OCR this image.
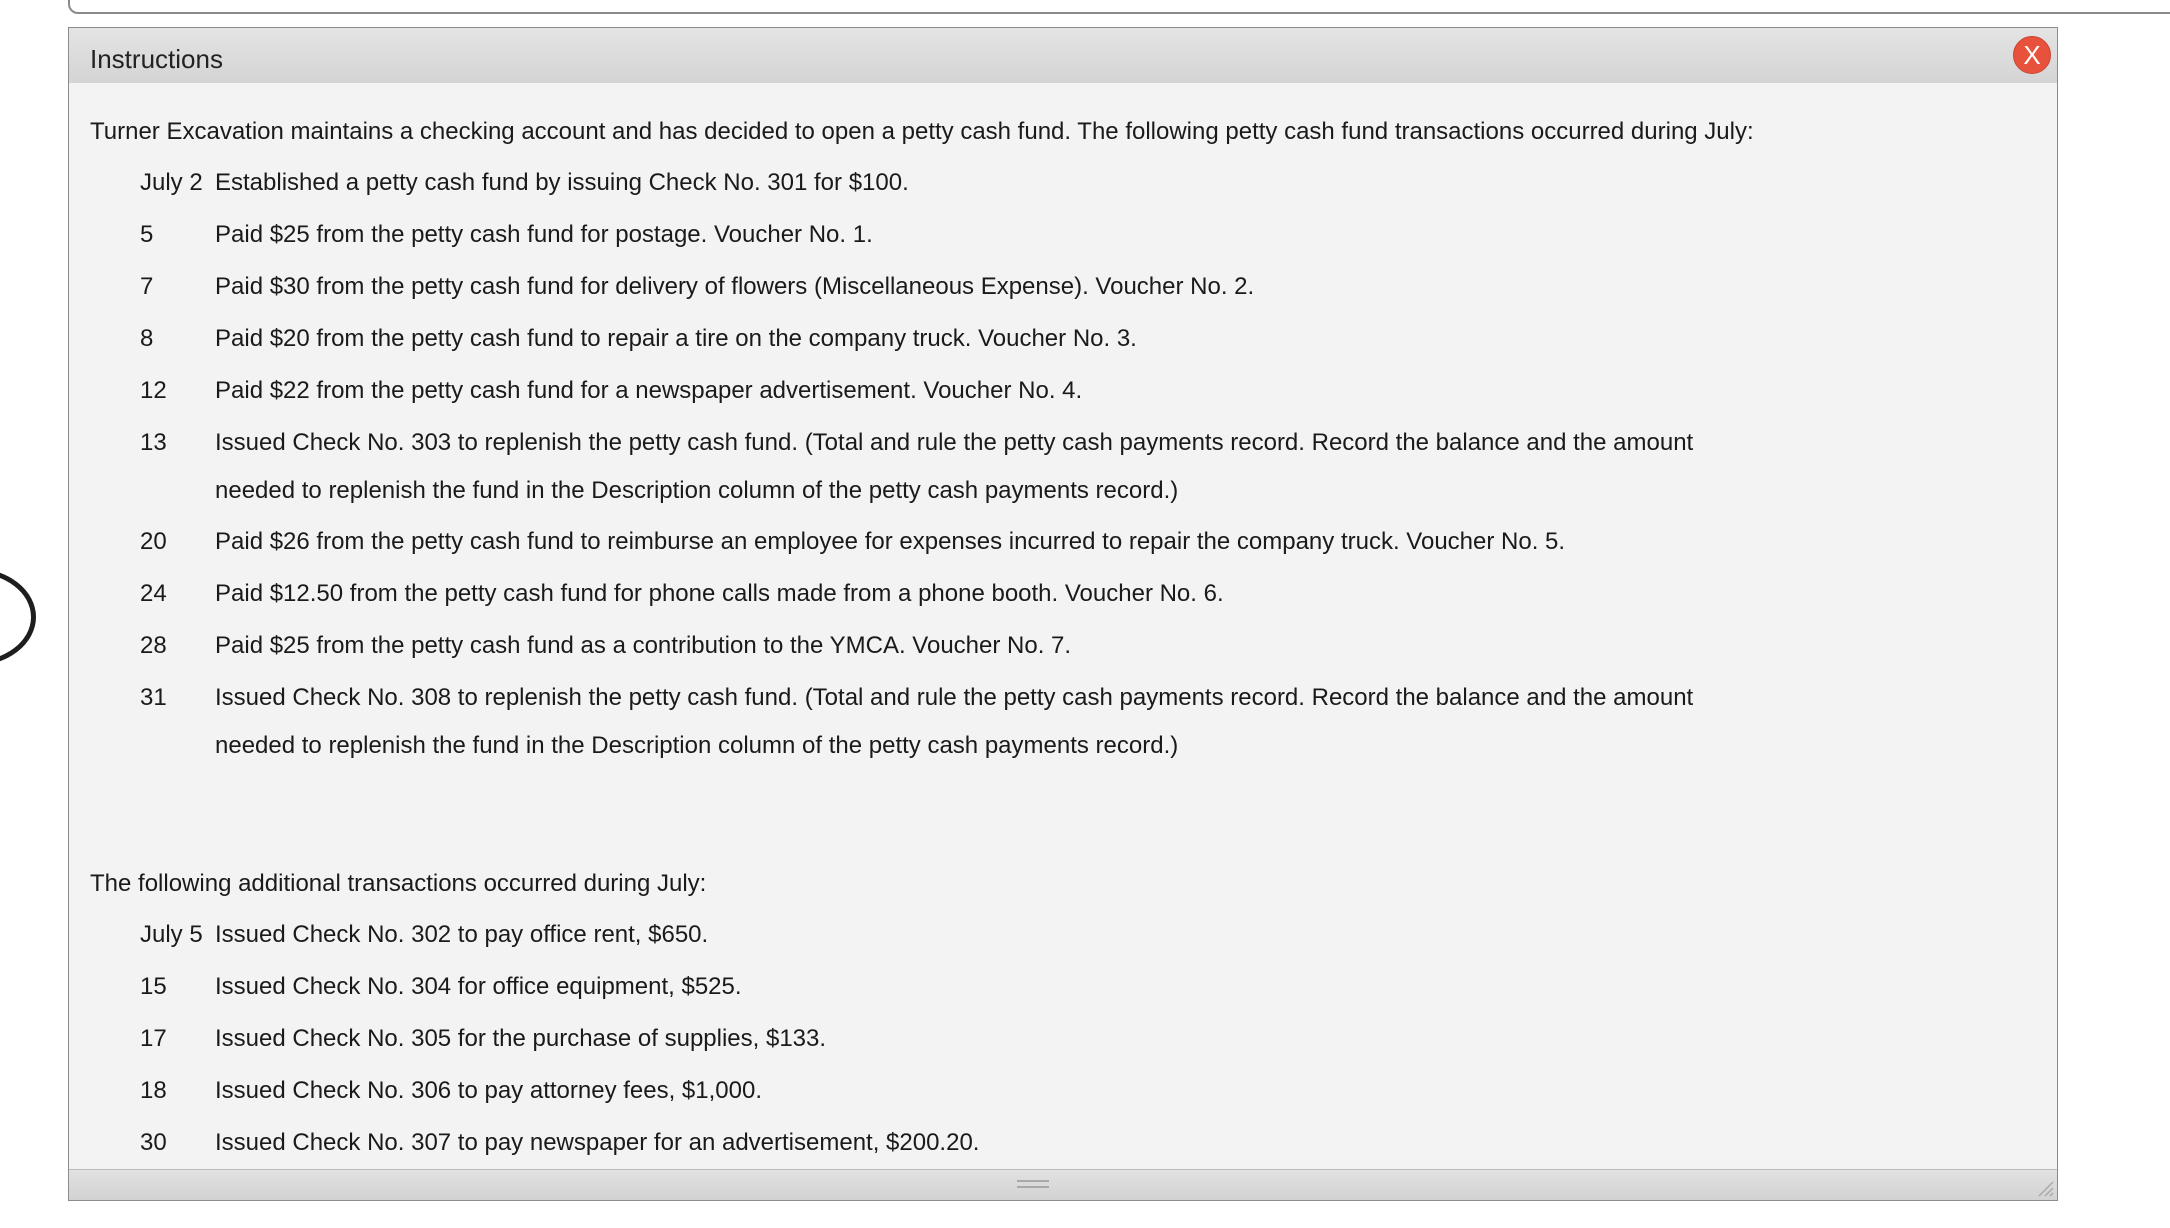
Instructions	X
Turner Excavation maintains a checking account and has decided to open a petty cash fund. The following petty cash fund transactions occurred during July:
July 2 Established a petty cash fund by issuing Check No. 301 for $100.
5	Paid $25 from the petty cash fund for postage. Voucher No. 1.
7	Paid $30 from the petty cash fund for delivery of flowers (Miscellaneous Expense). Voucher No. 2.
8	Paid $20 from the petty cash fund to repair a tire on the company truck. Voucher No. 3.
12 Paid $22 from the petty cash fund for a newspaper advertisement. Voucher No. 4.
13 Issued Check No. 303 to replenish the petty cash fund. (Total and rule the petty cash payments record. Record the balance and the amount needed to replenish the fund in the Description column of the petty cash payments record.)
20 Paid $26 from the petty cash fund to reimburse an employee for expenses incurred to repair the company truck. Voucher No. 5.
24 Paid $12.50 from the petty cash fund for phone calls made from a phone booth. Voucher No. 6.
28 Paid $25 from the petty cash fund as a contribution to the YMCA. Voucher No. 7.
31 Issued Check No. 308 to replenish the petty cash fund. (Total and rule the petty cash payments record. Record the balance and the amount needed to replenish the fund in the Description column of the petty cash payments record.)
The following additional transactions occurred during July:
July 5 Issued Check No. 302 to pay office rent, $650.
15 Issued Check No. 304 for office equipment, $525.
17 Issued Check No. 305 for the purchase of supplies, $133.
18 Issued Check No. 306 to pay attorney fees, $1,000.
30 Issued Check No. 307 to pay newspaper for an advertisement, $200.20.
